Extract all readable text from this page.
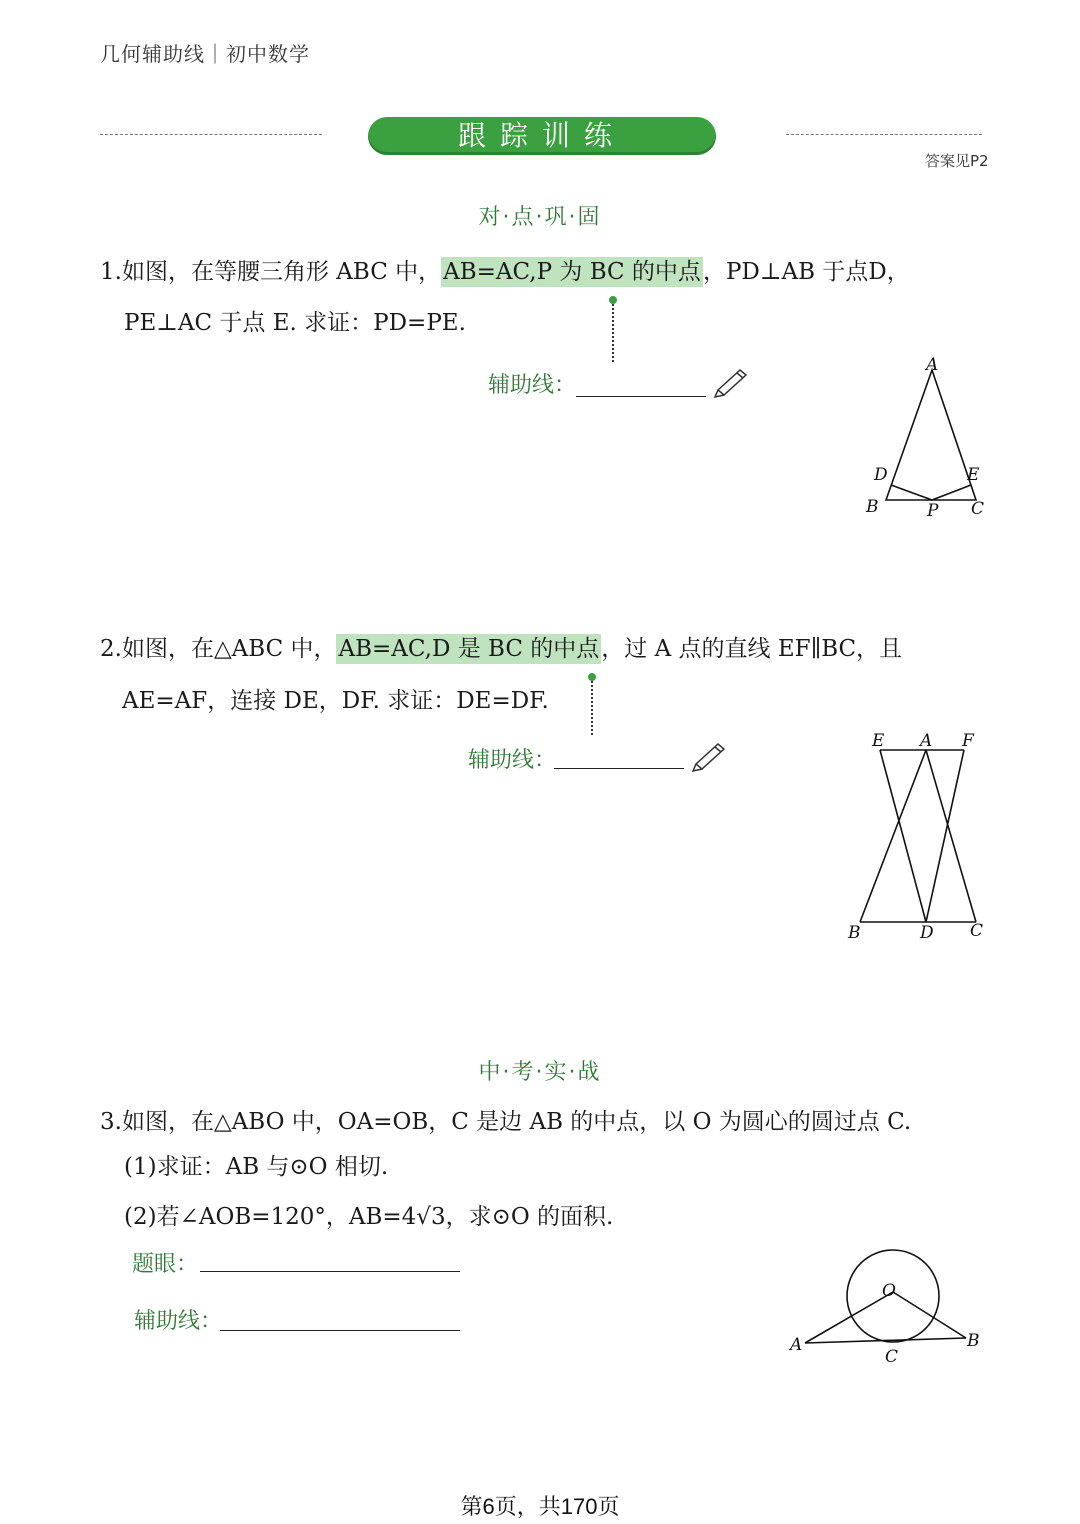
几何辅助线｜初中数学
跟踪训练
答案见P2
对·点·巩·固
1.如图，在等腰三角形 ABC 中，AB=AC,P 为 BC 的中点，PD⊥AB 于点D，
PE⊥AC 于点 E. 求证：PD=PE.
辅助线：
A
D	E
B	P C
2.如图，在△ABC 中，AB=AC,D 是 BC 的中点，过 A 点的直线 EF∥BC，且
AE=AF，连接 DE，DF. 求证：DE=DF.
辅助线：
E A F
B	D C
中·考·实·战
3.如图，在△ABO 中，OA=OB，C 是边 AB 的中点，以 O 为圆心的圆过点 C.
(1)求证：AB 与⊙O 相切.
(2)若∠AOB=120°，AB=4√3，求⊙O 的面积.
题眼：
辅助线：
O
A
C
B
第6页，共170页
